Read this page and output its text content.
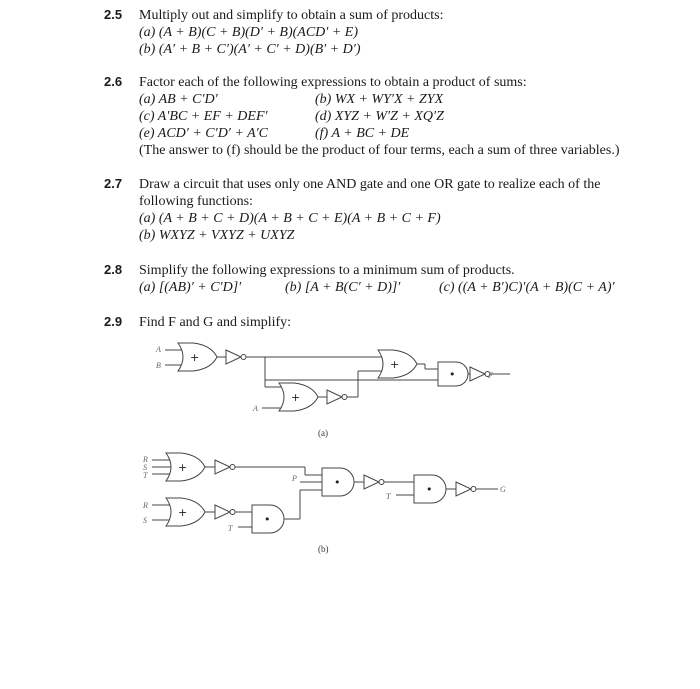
2.5 Multiply out and simplify to obtain a sum of products:
(a) (A + B)(C + B)(D′ + B)(ACD′ + E)
(b) (A′ + B + C′)(A′ + C′ + D)(B′ + D′)
2.6 Factor each of the following expressions to obtain a product of sums:
(a) AB + C′D′	(b) WX + WY′X + ZYX
(c) A′BC + EF + DEF′	(d) XYZ + W′Z + XQ′Z
(e) ACD′ + C′D′ + A′C	(f) A + BC + DE
(The answer to (f) should be the product of four terms, each a sum of three variables.)
2.7 Draw a circuit that uses only one AND gate and one OR gate to realize each of the
following functions:
(a) (A + B + C + D)(A + B + C + E)(A + B + C + F)
(b) WXYZ + VXYZ + UXYZ
2.8 Simplify the following expressions to a minimum sum of products.
(a) [(AB)′ + C′D]′	(b) [A + B(C′ + D)]′	(c) ((A + B′)C)′(A + B)(C + A)′
2.9 Find F and G and simplify:
+
+
+
•
+
+
•
•
•
A
B
A
F
(a)
R
S
T
R
S
T
P
T
G
(b)
